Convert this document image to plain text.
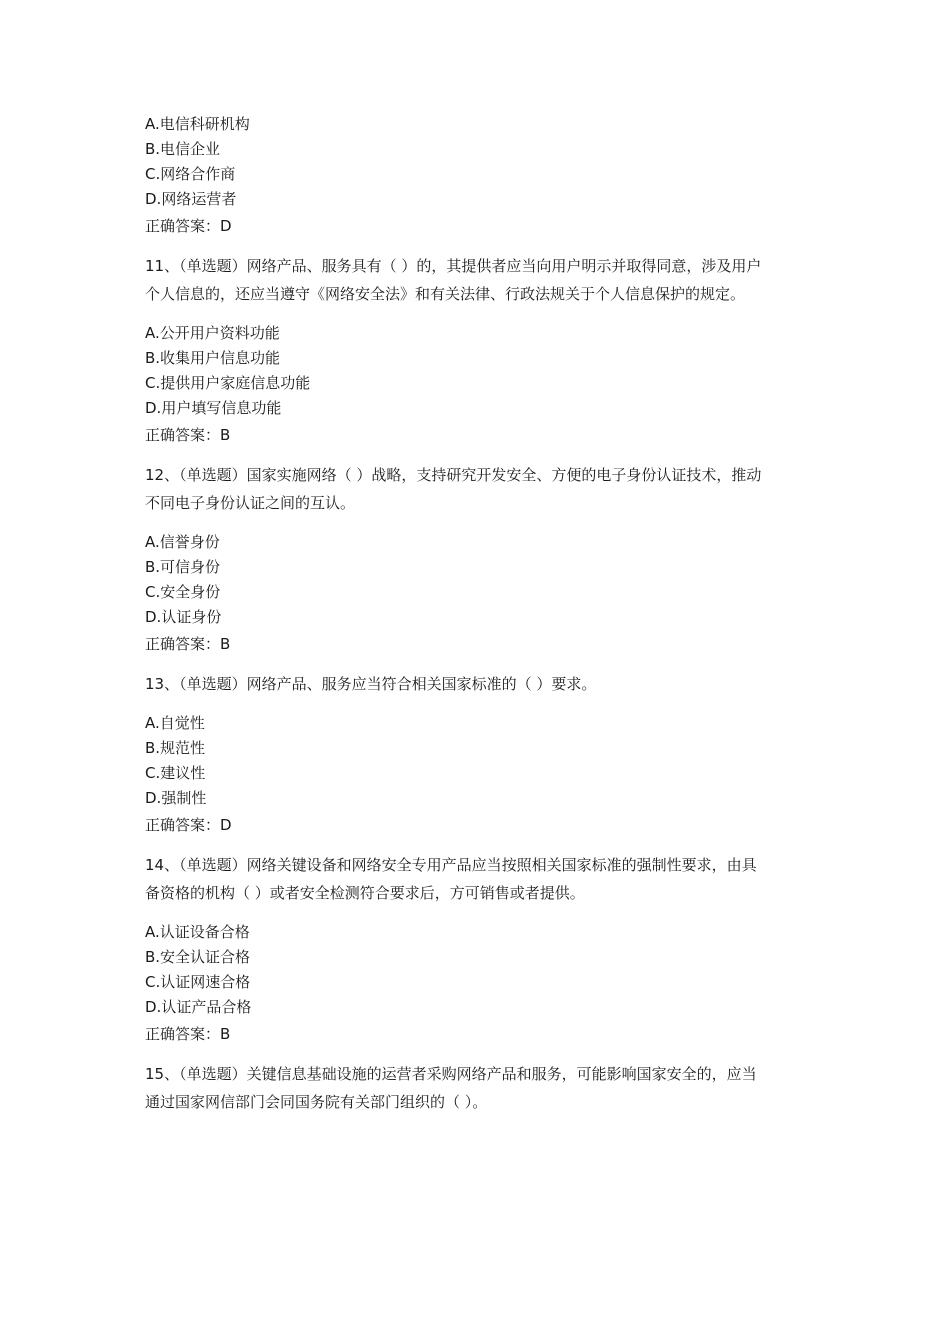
A.电信科研机构
B.电信企业
C.网络合作商
D.网络运营者
正确答案：D
11、（单选题）网络产品、服务具有（ ）的，其提供者应当向用户明示并取得同意，涉及用户
个人信息的，还应当遵守《网络安全法》和有关法律、行政法规关于个人信息保护的规定。
A.公开用户资料功能
B.收集用户信息功能
C.提供用户家庭信息功能
D.用户填写信息功能
正确答案：B
12、（单选题）国家实施网络（ ）战略，支持研究开发安全、方便的电子身份认证技术，推动
不同电子身份认证之间的互认。
A.信誉身份
B.可信身份
C.安全身份
D.认证身份
正确答案：B
13、（单选题）网络产品、服务应当符合相关国家标准的（ ）要求。
A.自觉性
B.规范性
C.建议性
D.强制性
正确答案：D
14、（单选题）网络关键设备和网络安全专用产品应当按照相关国家标准的强制性要求，由具
备资格的机构（ ）或者安全检测符合要求后，方可销售或者提供。
A.认证设备合格
B.安全认证合格
C.认证网速合格
D.认证产品合格
正确答案：B
15、（单选题）关键信息基础设施的运营者采购网络产品和服务，可能影响国家安全的，应当
通过国家网信部门会同国务院有关部门组织的（ ）。
